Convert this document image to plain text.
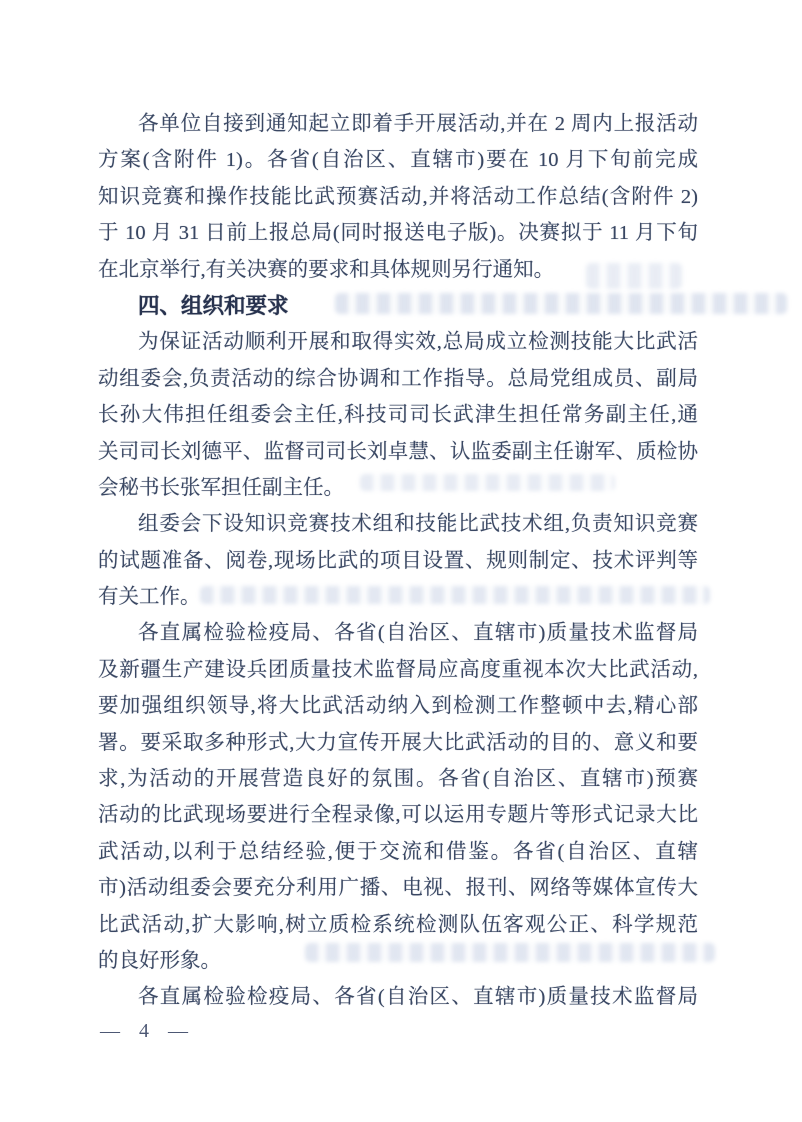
各单位自接到通知起立即着手开展活动,并在 2 周内上报活动
方案(含附件 1)。各省(自治区、直辖市)要在 10 月下旬前完成
知识竞赛和操作技能比武预赛活动,并将活动工作总结(含附件 2)
于 10 月 31 日前上报总局(同时报送电子版)。决赛拟于 11 月下旬
在北京举行,有关决赛的要求和具体规则另行通知。
四、组织和要求
为保证活动顺利开展和取得实效,总局成立检测技能大比武活
动组委会,负责活动的综合协调和工作指导。总局党组成员、副局
长孙大伟担任组委会主任,科技司司长武津生担任常务副主任,通
关司司长刘德平、监督司司长刘卓慧、认监委副主任谢军、质检协
会秘书长张军担任副主任。
组委会下设知识竞赛技术组和技能比武技术组,负责知识竞赛
的试题准备、阅卷,现场比武的项目设置、规则制定、技术评判等
有关工作。
各直属检验检疫局、各省(自治区、直辖市)质量技术监督局
及新疆生产建设兵团质量技术监督局应高度重视本次大比武活动,
要加强组织领导,将大比武活动纳入到检测工作整顿中去,精心部
署。要采取多种形式,大力宣传开展大比武活动的目的、意义和要
求,为活动的开展营造良好的氛围。各省(自治区、直辖市)预赛
活动的比武现场要进行全程录像,可以运用专题片等形式记录大比
武活动,以利于总结经验,便于交流和借鉴。各省(自治区、直辖
市)活动组委会要充分利用广播、电视、报刊、网络等媒体宣传大
比武活动,扩大影响,树立质检系统检测队伍客观公正、科学规范
的良好形象。
各直属检验检疫局、各省(自治区、直辖市)质量技术监督局
— 4 —
